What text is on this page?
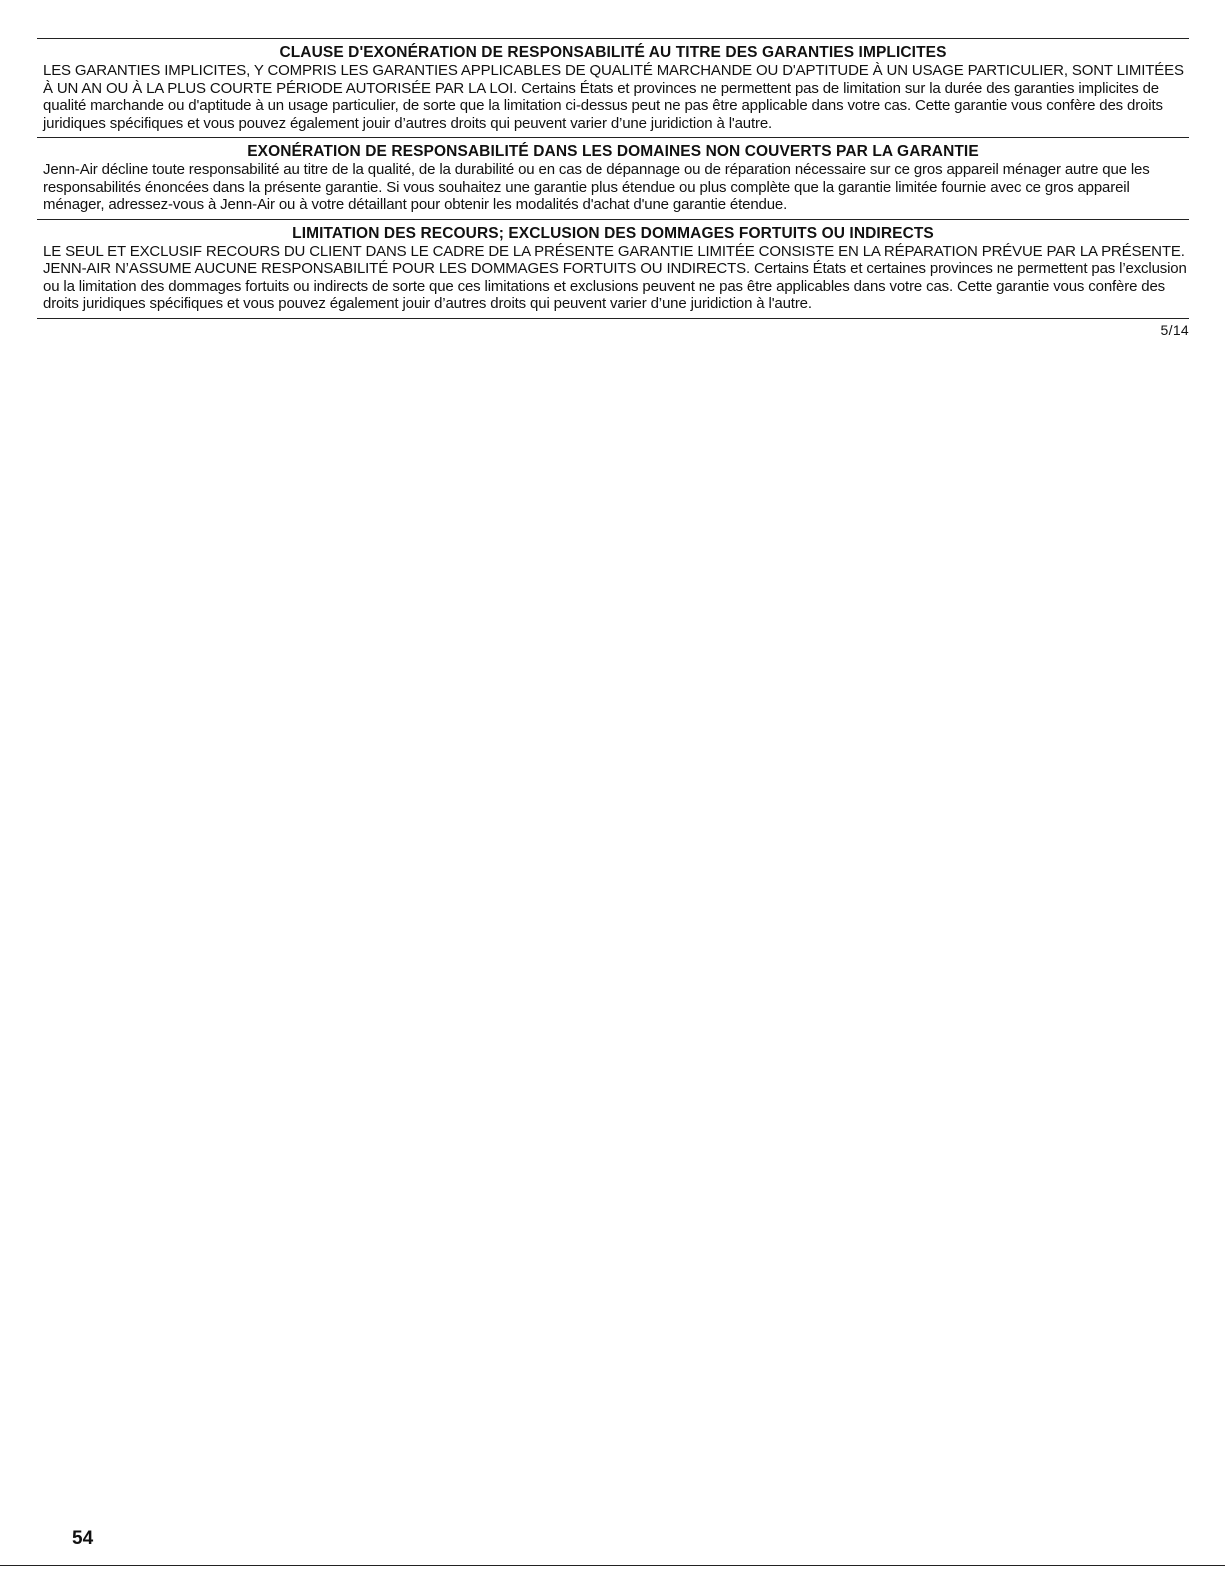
CLAUSE D'EXONÉRATION DE RESPONSABILITÉ AU TITRE DES GARANTIES IMPLICITES
LES GARANTIES IMPLICITES, Y COMPRIS LES GARANTIES APPLICABLES DE QUALITÉ MARCHANDE OU D'APTITUDE À UN USAGE PARTICULIER, SONT LIMITÉES À UN AN OU À LA PLUS COURTE PÉRIODE AUTORISÉE PAR LA LOI. Certains États et provinces ne permettent pas de limitation sur la durée des garanties implicites de qualité marchande ou d'aptitude à un usage particulier, de sorte que la limitation ci-dessus peut ne pas être applicable dans votre cas. Cette garantie vous confère des droits juridiques spécifiques et vous pouvez également jouir d’autres droits qui peuvent varier d’une juridiction à l'autre.
EXONÉRATION DE RESPONSABILITÉ DANS LES DOMAINES NON COUVERTS PAR LA GARANTIE
Jenn-Air décline toute responsabilité au titre de la qualité, de la durabilité ou en cas de dépannage ou de réparation nécessaire sur ce gros appareil ménager autre que les responsabilités énoncées dans la présente garantie. Si vous souhaitez une garantie plus étendue ou plus complète que la garantie limitée fournie avec ce gros appareil ménager, adressez-vous à Jenn-Air ou à votre détaillant pour obtenir les modalités d'achat d'une garantie étendue.
LIMITATION DES RECOURS; EXCLUSION DES DOMMAGES FORTUITS OU INDIRECTS
LE SEUL ET EXCLUSIF RECOURS DU CLIENT DANS LE CADRE DE LA PRÉSENTE GARANTIE LIMITÉE CONSISTE EN LA RÉPARATION PRÉVUE PAR LA PRÉSENTE. JENN-AIR N’ASSUME AUCUNE RESPONSABILITÉ POUR LES DOMMAGES FORTUITS OU INDIRECTS. Certains États et certaines provinces ne permettent pas l’exclusion ou la limitation des dommages fortuits ou indirects de sorte que ces limitations et exclusions peuvent ne pas être applicables dans votre cas. Cette garantie vous confère des droits juridiques spécifiques et vous pouvez également jouir d’autres droits qui peuvent varier d’une juridiction à l'autre.
5/14
54
